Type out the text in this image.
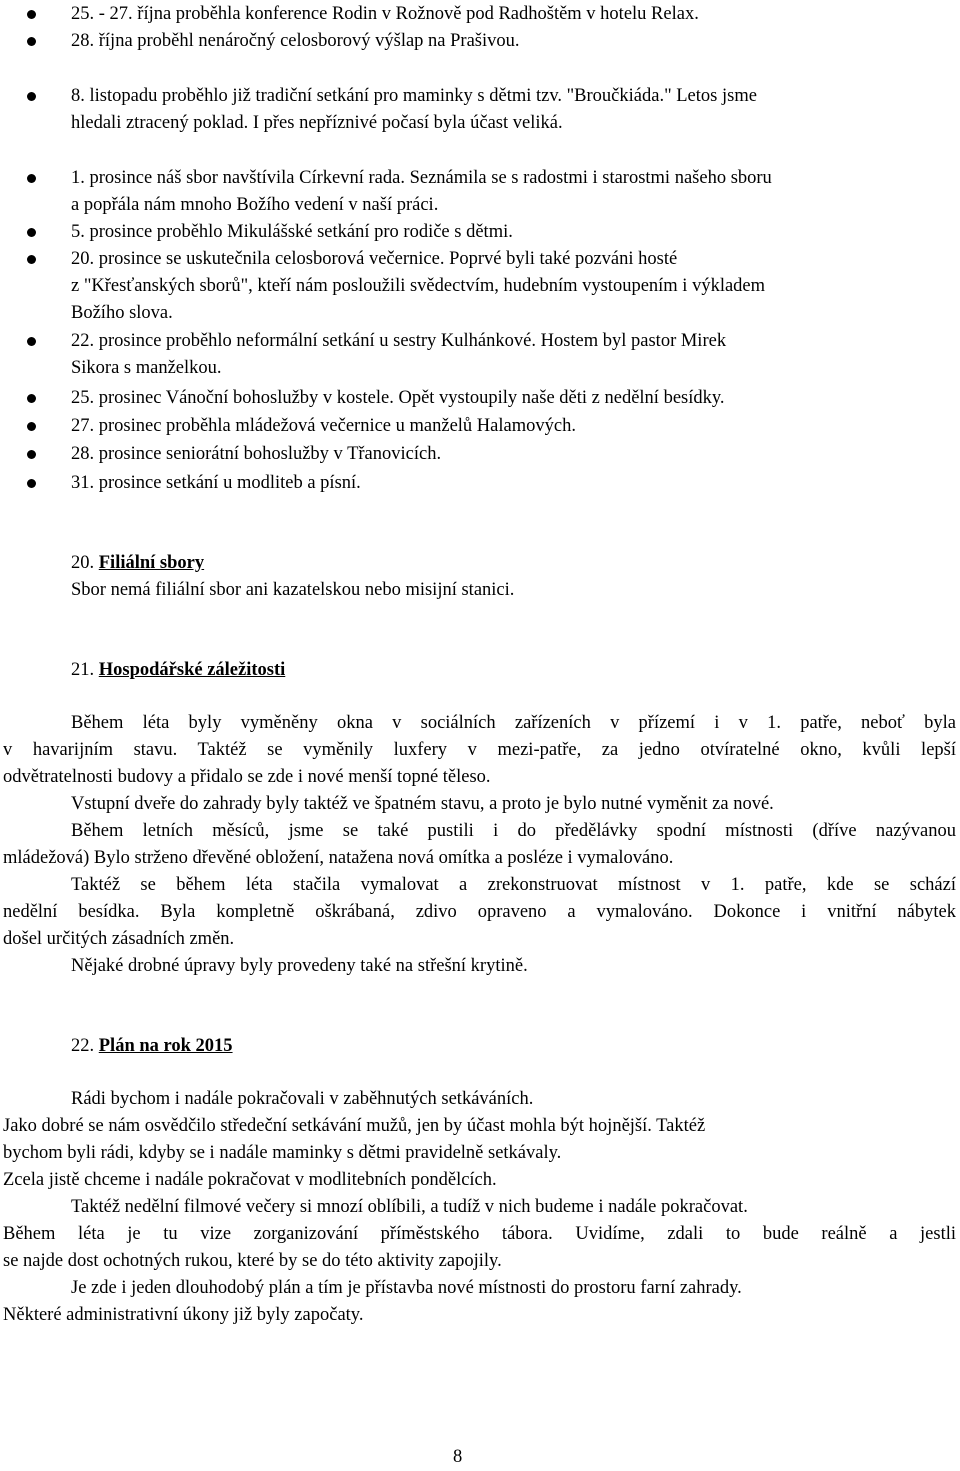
25. - 27. října proběhla konference Rodin v Rožnově pod Radhoštěm v hotelu Relax.
28. října proběhl nenáročný celosborový výšlap na Prašivou.
8. listopadu proběhlo již tradiční setkání pro maminky s dětmi tzv. "Broučkiáda." Letos jsme
hledali ztracený poklad. I přes nepříznivé počasí byla účast veliká.
1. prosince náš sbor navštívila Církevní rada. Seznámila se s radostmi i starostmi našeho sboru
a popřála nám mnoho Božího vedení v naší práci.
5. prosince proběhlo Mikulášské setkání pro rodiče s dětmi.
20. prosince se uskutečnila celosborová večernice. Poprvé byli také pozváni hosté
z "Křesťanských sborů", kteří nám posloužili svědectvím, hudebním vystoupením i výkladem
Božího slova.
22. prosince proběhlo neformální setkání u sestry Kulhánkové. Hostem byl pastor Mirek
Sikora s manželkou.
25. prosinec Vánoční bohoslužby v kostele. Opět vystoupily naše děti z nedělní besídky.
27. prosinec proběhla mládežová večernice u manželů Halamových.
28. prosince seniorátní bohoslužby v Třanovicích.
31. prosince setkání u modliteb a písní.
20. Filiální sbory
Sbor nemá filiální sbor ani kazatelskou nebo misijní stanici.
21. Hospodářské záležitosti
Během léta byly vyměněny okna v sociálních zařízeních v přízemí i v 1. patře, neboť byla
v havarijním stavu. Taktéž se vyměnily luxfery v mezi-patře, za jedno otvíratelné okno, kvůli lepší
odvětratelnosti budovy a přidalo se zde i nové menší topné těleso.
Vstupní dveře do zahrady byly taktéž ve špatném stavu, a proto je bylo nutné vyměnit za nové.
Během letních měsíců, jsme se také pustili i do předělávky spodní místnosti (dříve nazývanou
mládežová) Bylo strženo dřevěné obložení, natažena nová omítka a posléze i vymalováno.
Taktéž se během léta stačila vymalovat a zrekonstruovat místnost v 1. patře, kde se schází
nedělní besídka. Byla kompletně oškrábaná, zdivo opraveno a vymalováno. Dokonce i vnitřní nábytek
došel určitých zásadních změn.
Nějaké drobné úpravy byly provedeny také na střešní krytině.
22. Plán na rok 2015
Rádi bychom i nadále pokračovali v zaběhnutých setkáváních.
Jako dobré se nám osvědčilo středeční setkávání mužů, jen by účast mohla být hojnější. Taktéž
bychom byli rádi, kdyby se i nadále maminky s dětmi pravidelně setkávaly.
Zcela jistě chceme i nadále pokračovat v modlitebních pondělcích.
Taktéž nedělní filmové večery si mnozí oblíbili, a tudíž v nich budeme i nadále pokračovat.
Během léta je tu vize zorganizování příměstského tábora. Uvidíme, zdali to bude reálně a jestli
se najde dost ochotných rukou, které by se do této aktivity zapojily.
Je zde i jeden dlouhodobý plán a tím je přístavba nové místnosti do prostoru farní zahrady.
Některé administrativní úkony již byly započaty.
8
